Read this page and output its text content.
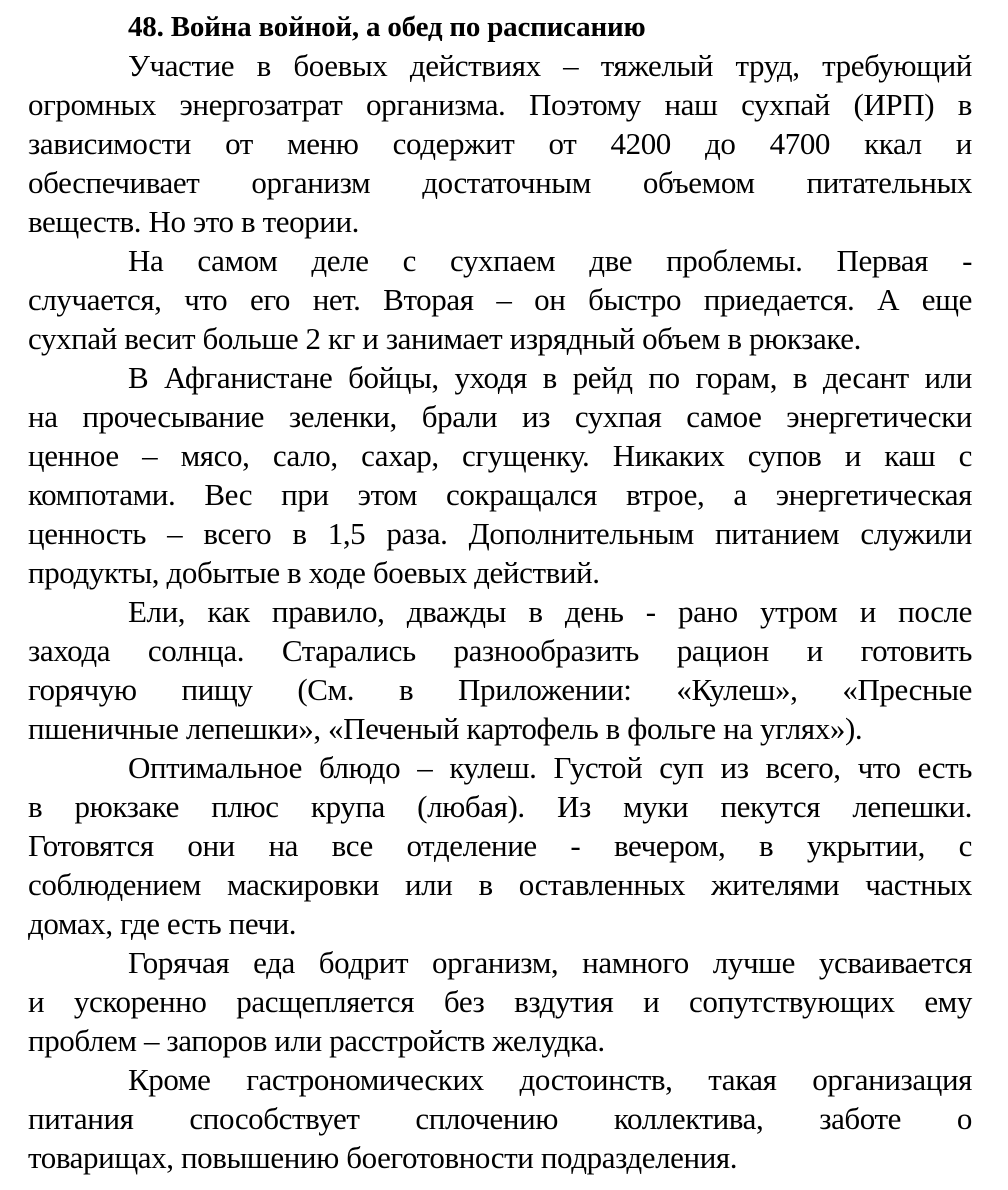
48. Война войной, а обед по расписанию
Участие в боевых действиях – тяжелый труд, требующий
огромных энергозатрат организма. Поэтому наш сухпай (ИРП) в
зависимости от меню содержит от 4200 до 4700 ккал и
обеспечивает организм достаточным объемом питательных
веществ. Но это в теории.
На самом деле с сухпаем две проблемы. Первая -
случается, что его нет. Вторая – он быстро приедается. А еще
сухпай весит больше 2 кг и занимает изрядный объем в рюкзаке.
В Афганистане бойцы, уходя в рейд по горам, в десант или
на прочесывание зеленки, брали из сухпая самое энергетически
ценное – мясо, сало, сахар, сгущенку. Никаких супов и каш с
компотами. Вес при этом сокращался втрое, а энергетическая
ценность – всего в 1,5 раза. Дополнительным питанием служили
продукты, добытые в ходе боевых действий.
Ели, как правило, дважды в день - рано утром и после
захода солнца. Старались разнообразить рацион и готовить
горячую пищу (См. в Приложении: «Кулеш», «Пресные
пшеничные лепешки», «Печеный картофель в фольге на углях»).
Оптимальное блюдо – кулеш. Густой суп из всего, что есть
в рюкзаке плюс крупа (любая). Из муки пекутся лепешки.
Готовятся они на все отделение - вечером, в укрытии, с
соблюдением маскировки или в оставленных жителями частных
домах, где есть печи.
Горячая еда бодрит организм, намного лучше усваивается
и ускоренно расщепляется без вздутия и сопутствующих ему
проблем – запоров или расстройств желудка.
Кроме гастрономических достоинств, такая организация
питания способствует сплочению коллектива, заботе о
товарищах, повышению боеготовности подразделения.
